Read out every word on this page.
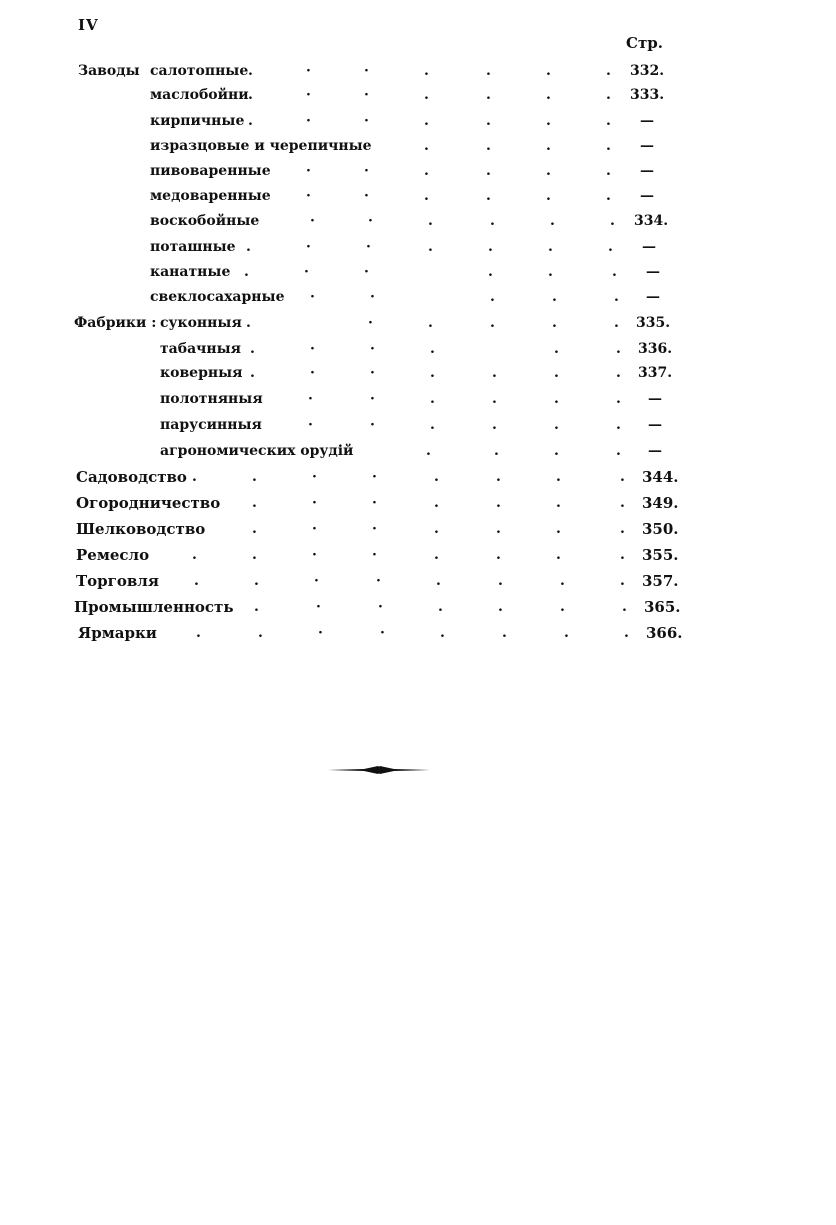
IV
Стр.
Заводы салотопные .	·	·	.	.	.	. 332.
маслобойни .	·	·	.	.	.	. 333.
кирпичные .	·	·	.	.	.	. —
изразцовые и черепичные	.	.	.	. —
пивоваренные	·	·	.	.	.	. —
медоваренные	·	·	.	.	.	. —
воскобойные	·	·	.	.	.	. 334.
поташные .	·	·	.	.	.	. —
канатные .	·	·	.	.	. —
свеклосахарные ·	·	.	.	. —
Фабрики : суконныя .	·	.	.	.	. 335.
табачныя .	·	·	.	.	. 336.
коверныя .	·	·	.	.	.	. 337.
полотняныя	·	·	.	.	.	. —
парусинныя	·	·	.	.	.	. —
агрономических орудій	.	.	.	. —
Садоводство .	.	·	·	.	.	.	. 344.
Огородничество .	·	·	.	.	.	. 349.
Шелководство	.	·	·	.	.	.	. 350.
Ремесло	.	.	·	·	.	.	.	. 355.
Торговля	.	.	·	·	.	.	.	. 357.
Промышленность .	·	·	.	.	.	. 365.
Ярмарки	.	.	·	·	.	.	.	. 366.
